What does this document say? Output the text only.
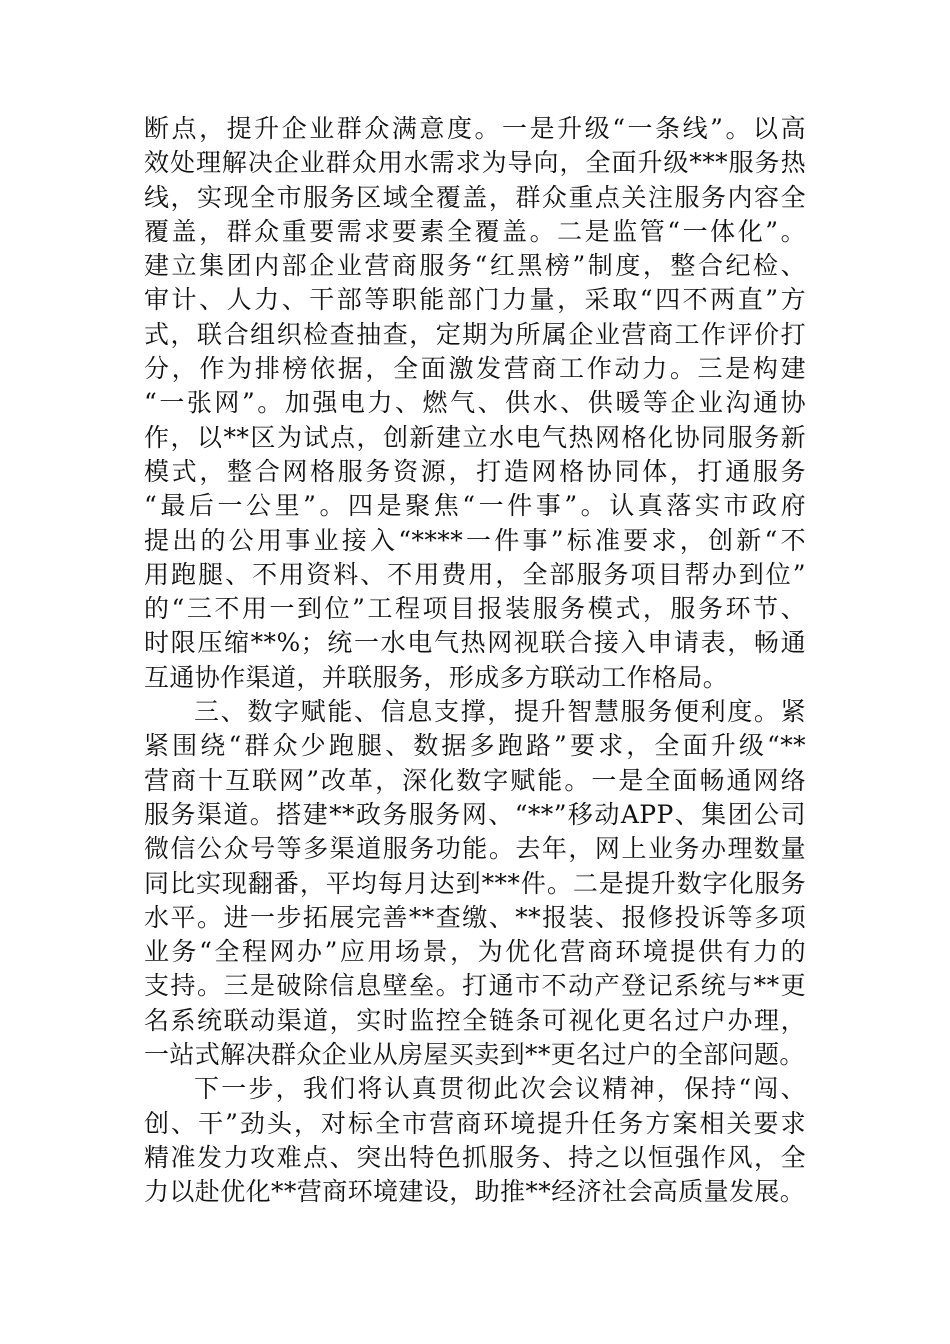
断点，提升企业群众满意度。一是升级“一条线”。以高
效处理解决企业群众用水需求为导向，全面升级***服务热
线，实现全市服务区域全覆盖，群众重点关注服务内容全
覆盖，群众重要需求要素全覆盖。二是监管“一体化”。
建立集团内部企业营商服务“红黑榜”制度，整合纪检、
审计、人力、干部等职能部门力量，采取“四不两直”方
式，联合组织检查抽查，定期为所属企业营商工作评价打
分，作为排榜依据，全面激发营商工作动力。三是构建
“一张网”。加强电力、燃气、供水、供暖等企业沟通协
作，以**区为试点，创新建立水电气热网格化协同服务新
模式，整合网格服务资源，打造网格协同体，打通服务
“最后一公里”。四是聚焦“一件事”。认真落实市政府
提出的公用事业接入“****一件事”标准要求，创新“不
用跑腿、不用资料、不用费用，全部服务项目帮办到位”
的“三不用一到位”工程项目报装服务模式，服务环节、
时限压缩**%；统一水电气热网视联合接入申请表，畅通
互通协作渠道，并联服务，形成多方联动工作格局。
三、数字赋能、信息支撑，提升智慧服务便利度。紧
紧围绕“群众少跑腿、数据多跑路”要求，全面升级“**
营商十互联网”改革，深化数字赋能。一是全面畅通网络
服务渠道。搭建**政务服务网、“**”移动APP、集团公司
微信公众号等多渠道服务功能。去年，网上业务办理数量
同比实现翻番，平均每月达到***件。二是提升数字化服务
水平。进一步拓展完善**查缴、**报装、报修投诉等多项
业务“全程网办”应用场景，为优化营商环境提供有力的
支持。三是破除信息壁垒。打通市不动产登记系统与**更
名系统联动渠道，实时监控全链条可视化更名过户办理，
一站式解决群众企业从房屋买卖到**更名过户的全部问题。
下一步，我们将认真贯彻此次会议精神，保持“闯、
创、干”劲头，对标全市营商环境提升任务方案相关要求
精准发力攻难点、突出特色抓服务、持之以恒强作风，全
力以赴优化**营商环境建设，助推**经济社会高质量发展。
